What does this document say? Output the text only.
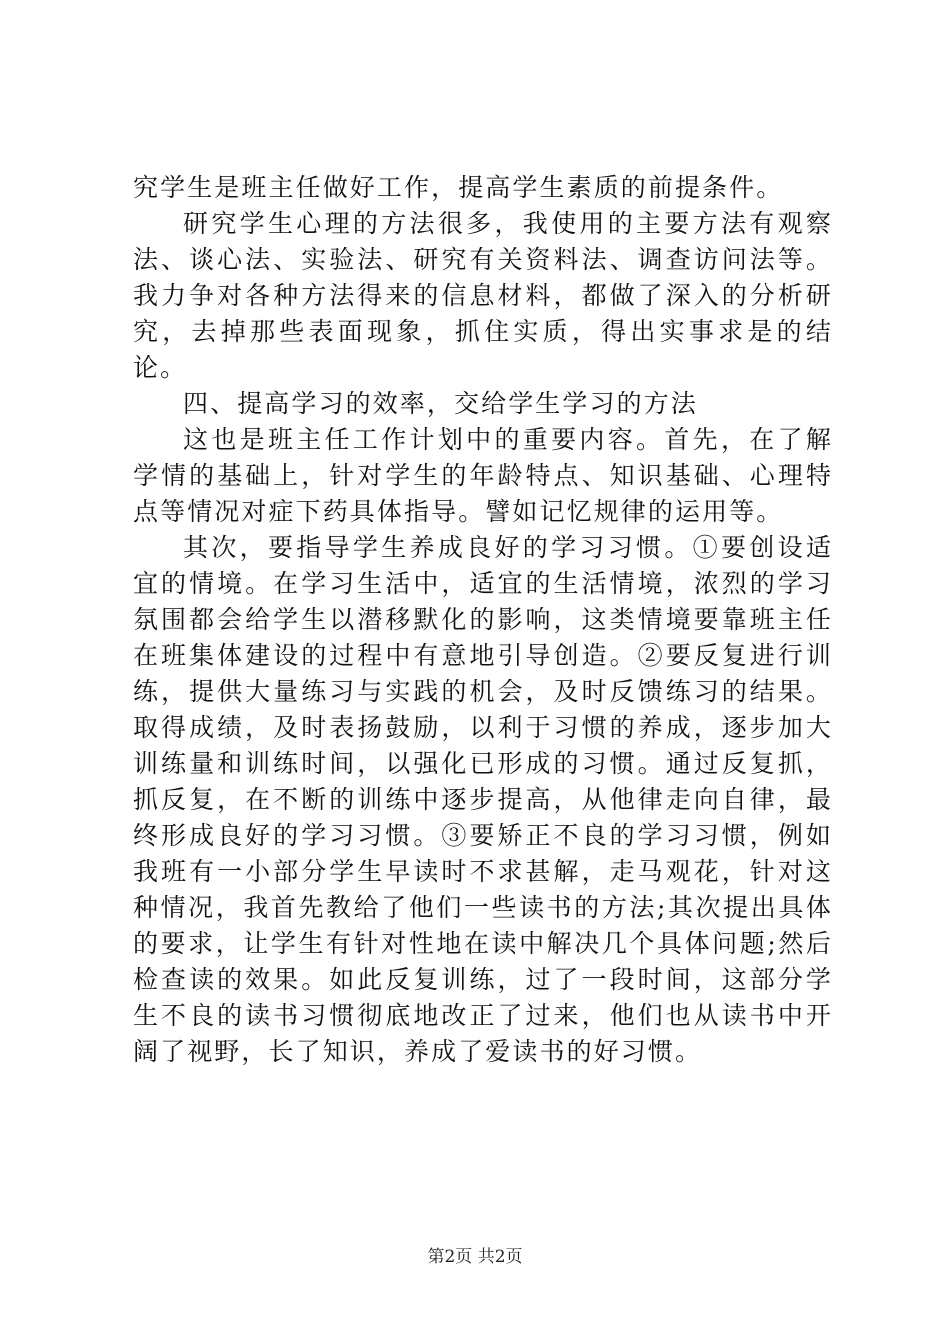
究学生是班主任做好工作，提高学生素质的前提条件。

研究学生心理的方法很多，我使用的主要方法有观察法、谈心法、实验法、研究有关资料法、调查访问法等。我力争对各种方法得来的信息材料，都做了深入的分析研究，去掉那些表面现象，抓住实质，得出实事求是的结论。

四、提高学习的效率，交给学生学习的方法

这也是班主任工作计划中的重要内容。首先，在了解学情的基础上，针对学生的年龄特点、知识基础、心理特点等情况对症下药具体指导。譬如记忆规律的运用等。

其次，要指导学生养成良好的学习习惯。①要创设适宜的情境。在学习生活中，适宜的生活情境，浓烈的学习氛围都会给学生以潜移默化的影响，这类情境要靠班主任在班集体建设的过程中有意地引导创造。②要反复进行训练，提供大量练习与实践的机会，及时反馈练习的结果。取得成绩，及时表扬鼓励，以利于习惯的养成，逐步加大训练量和训练时间，以强化已形成的习惯。通过反复抓，抓反复，在不断的训练中逐步提高，从他律走向自律，最终形成良好的学习习惯。③要矫正不良的学习习惯，例如我班有一小部分学生早读时不求甚解，走马观花，针对这种情况，我首先教给了他们一些读书的方法;其次提出具体的要求，让学生有针对性地在读中解决几个具体问题;然后检查读的效果。如此反复训练，过了一段时间，这部分学生不良的读书习惯彻底地改正了过来，他们也从读书中开阔了视野，长了知识，养成了爱读书的好习惯。

第2页 共2页
